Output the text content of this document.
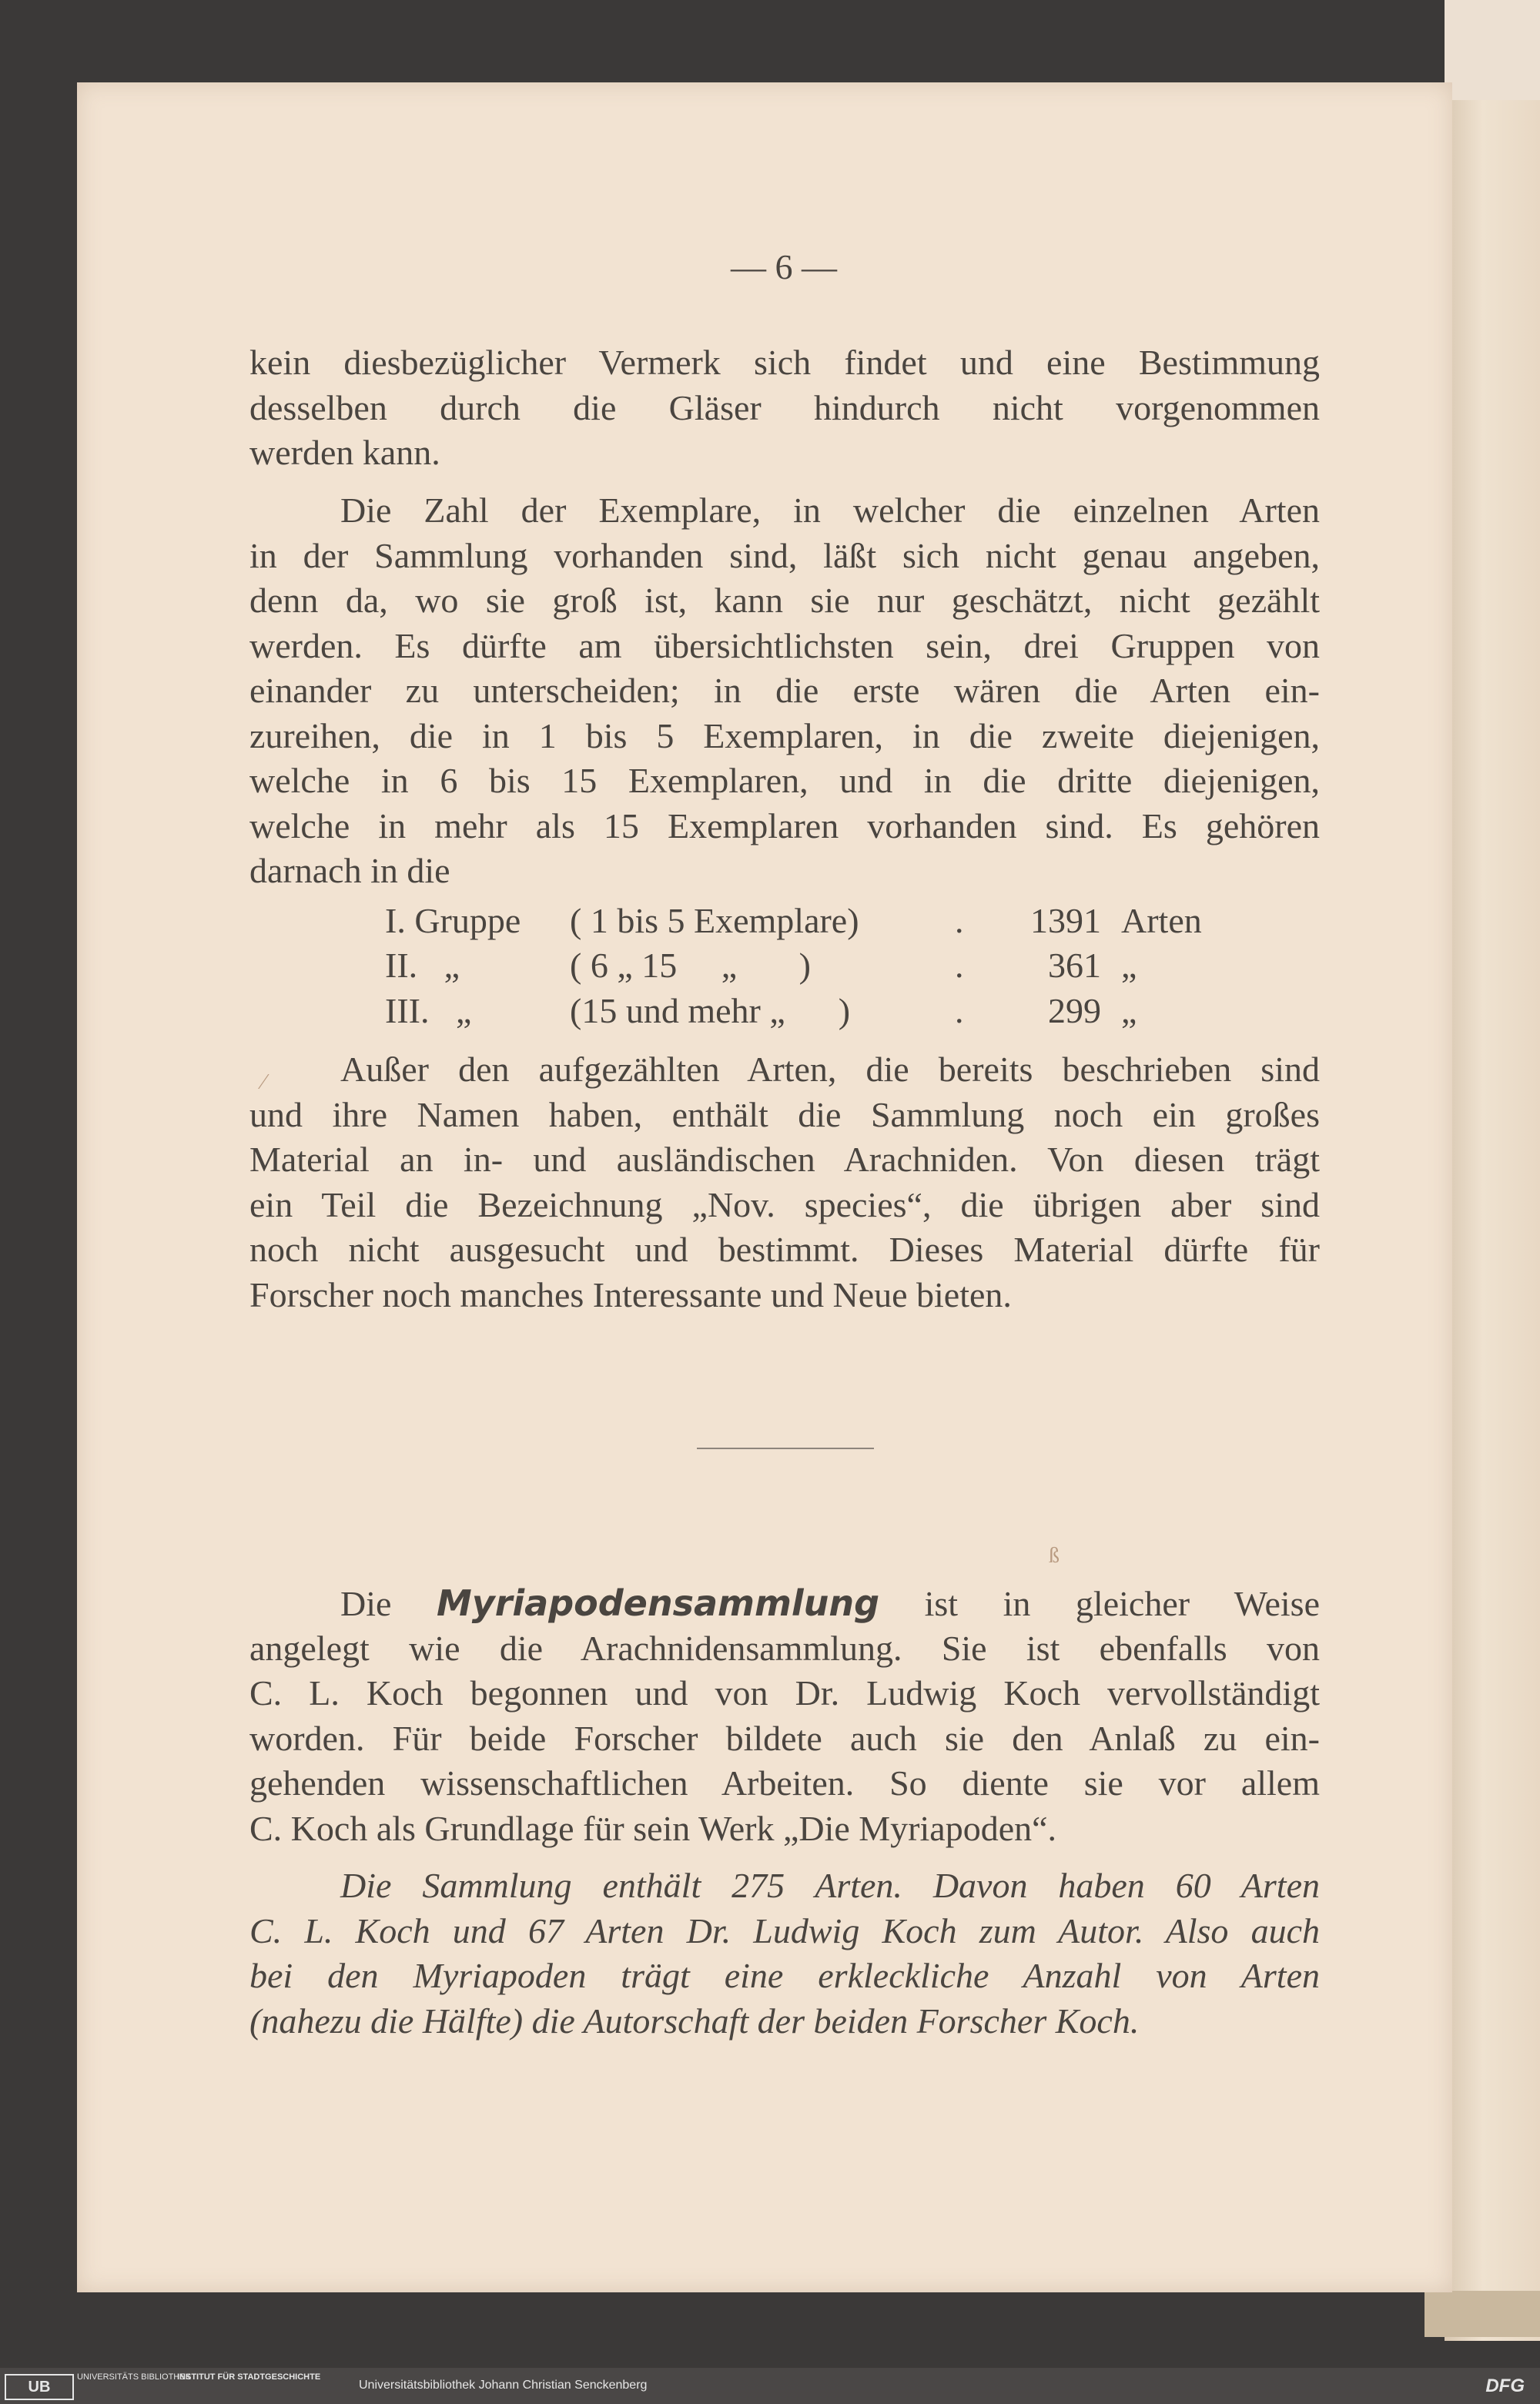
— 6 —
kein diesbezüglicher Vermerk sich findet und eine Bestimmung
desselben durch die Gläser hindurch nicht vorgenommen
werden kann.
Die Zahl der Exemplare, in welcher die einzelnen Arten
in der Sammlung vorhanden sind, läßt sich nicht genau angeben,
denn da, wo sie groß ist, kann sie nur geschätzt, nicht gezählt
werden. Es dürfte am übersichtlichsten sein, drei Gruppen von
einander zu unterscheiden; in die erste wären die Arten ein-
zureihen, die in 1 bis 5 Exemplaren, in die zweite diejenigen,
welche in 6 bis 15 Exemplaren, und in die dritte diejenigen,
welche in mehr als 15 Exemplaren vorhanden sind. Es gehören
darnach in die
I. Gruppe	( 1 bis 5 Exemplare)	.	1391	Arten
II.   „	( 6 „ 15     „       )	.	361	„
III.   „	(15 und mehr „      )	.	299	„
Außer den aufgezählten Arten, die bereits beschrieben sind
und ihre Namen haben, enthält die Sammlung noch ein großes
Material an in- und ausländischen Arachniden. Von diesen trägt
ein Teil die Bezeichnung „Nov. species“, die übrigen aber sind
noch nicht ausgesucht und bestimmt. Dieses Material dürfte für
Forscher noch manches Interessante und Neue bieten.
Die Myriapodensammlung ist in gleicher Weise
angelegt wie die Arachnidensammlung. Sie ist ebenfalls von
C. L. Koch begonnen und von Dr. Ludwig Koch vervollständigt
worden. Für beide Forscher bildete auch sie den Anlaß zu ein-
gehenden wissenschaftlichen Arbeiten. So diente sie vor allem
C. Koch als Grundlage für sein Werk „Die Myriapoden“.
Die Sammlung enthält 275 Arten. Davon haben 60 Arten
C. L. Koch und 67 Arten Dr. Ludwig Koch zum Autor. Also auch
bei den Myriapoden trägt eine erkleckliche Anzahl von Arten
(nahezu die Hälfte) die Autorschaft der beiden Forscher Koch.
⁄
ß
UB
UNIVERSITÄTS BIBLIOTHEK
INSTITUT FÜR STADTGESCHICHTE
Universitätsbibliothek Johann Christian Senckenberg	DFG
